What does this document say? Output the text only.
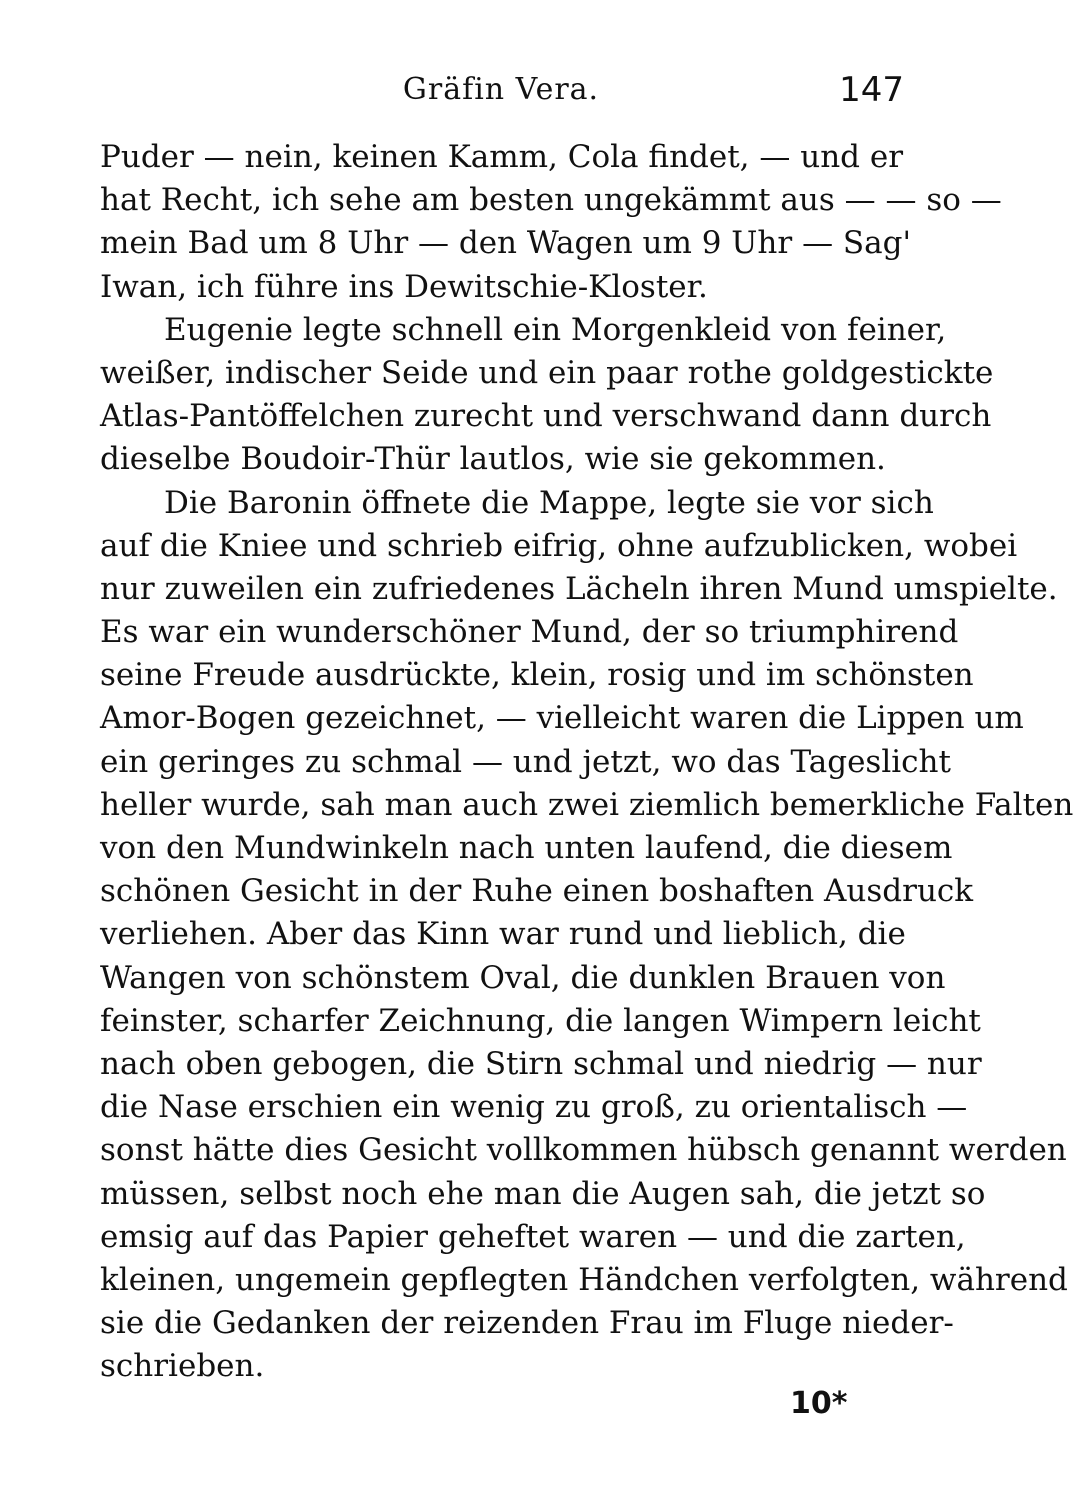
Gräfin Vera.	147
Puder — nein, keinen Kamm, Cola findet, — und er
hat Recht, ich sehe am besten ungekämmt aus — — so —
mein Bad um 8 Uhr — den Wagen um 9 Uhr — Sag'
Iwan, ich führe ins Dewitschie-Kloster.
Eugenie legte schnell ein Morgenkleid von feiner,
weißer, indischer Seide und ein paar rothe goldgestickte
Atlas-Pantöffelchen zurecht und verschwand dann durch
dieselbe Boudoir-Thür lautlos, wie sie gekommen.
Die Baronin öffnete die Mappe, legte sie vor sich
auf die Kniee und schrieb eifrig, ohne aufzublicken, wobei
nur zuweilen ein zufriedenes Lächeln ihren Mund umspielte.
Es war ein wunderschöner Mund, der so triumphirend
seine Freude ausdrückte, klein, rosig und im schönsten
Amor-Bogen gezeichnet, — vielleicht waren die Lippen um
ein geringes zu schmal — und jetzt, wo das Tageslicht
heller wurde, sah man auch zwei ziemlich bemerkliche Falten
von den Mundwinkeln nach unten laufend, die diesem
schönen Gesicht in der Ruhe einen boshaften Ausdruck
verliehen. Aber das Kinn war rund und lieblich, die
Wangen von schönstem Oval, die dunklen Brauen von
feinster, scharfer Zeichnung, die langen Wimpern leicht
nach oben gebogen, die Stirn schmal und niedrig — nur
die Nase erschien ein wenig zu groß, zu orientalisch —
sonst hätte dies Gesicht vollkommen hübsch genannt werden
müssen, selbst noch ehe man die Augen sah, die jetzt so
emsig auf das Papier geheftet waren — und die zarten,
kleinen, ungemein gepflegten Händchen verfolgten, während
sie die Gedanken der reizenden Frau im Fluge nieder-
schrieben.
10*
